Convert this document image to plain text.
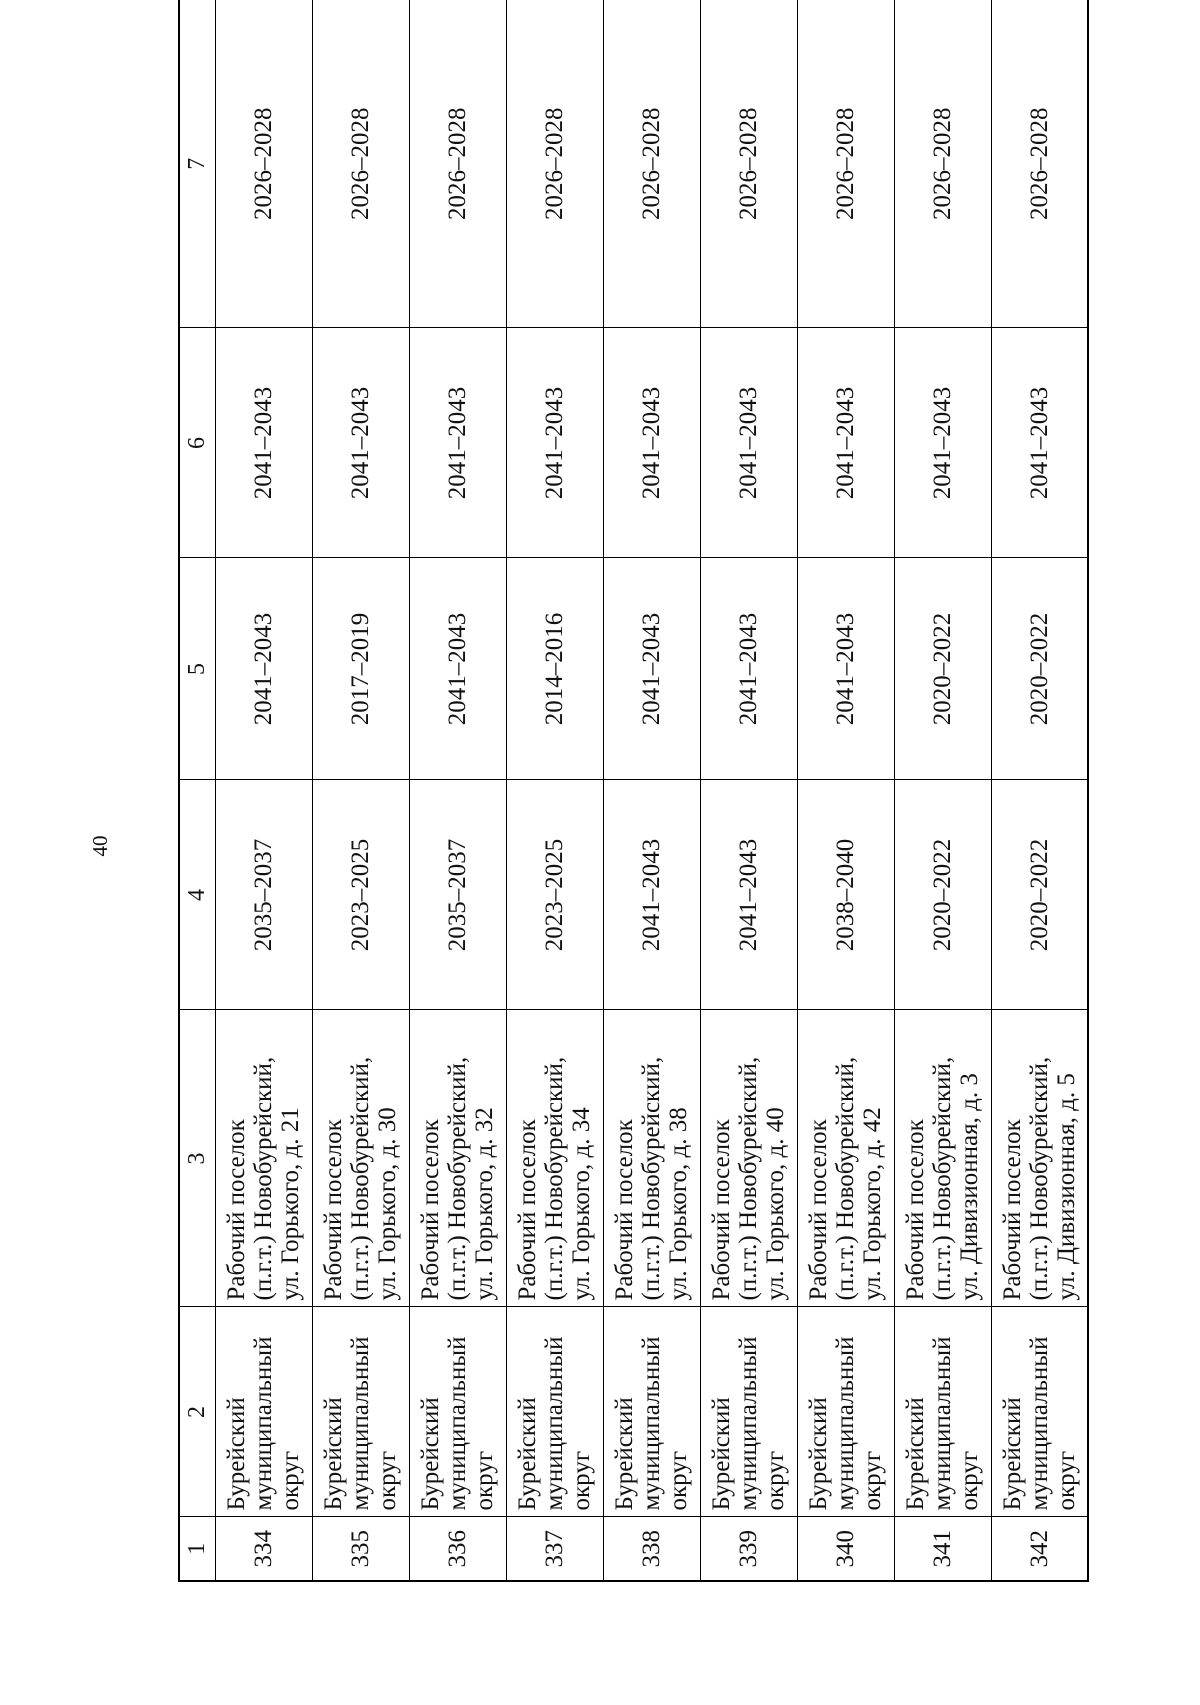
40
1	2	3	4	5	6	7
334	Бурейский муниципальный округ	Рабочий поселок (п.г.т.) Новобурейский, ул. Горького, д. 21	2035–2037	2041–2043	2041–2043	2026–2028
335	Бурейский муниципальный округ	Рабочий поселок (п.г.т.) Новобурейский, ул. Горького, д. 30	2023–2025	2017–2019	2041–2043	2026–2028
336	Бурейский муниципальный округ	Рабочий поселок (п.г.т.) Новобурейский, ул. Горького, д. 32	2035–2037	2041–2043	2041–2043	2026–2028
337	Бурейский муниципальный округ	Рабочий поселок (п.г.т.) Новобурейский, ул. Горького, д. 34	2023–2025	2014–2016	2041–2043	2026–2028
338	Бурейский муниципальный округ	Рабочий поселок (п.г.т.) Новобурейский, ул. Горького, д. 38	2041–2043	2041–2043	2041–2043	2026–2028
339	Бурейский муниципальный округ	Рабочий поселок (п.г.т.) Новобурейский, ул. Горького, д. 40	2041–2043	2041–2043	2041–2043	2026–2028
340	Бурейский муниципальный округ	Рабочий поселок (п.г.т.) Новобурейский, ул. Горького, д. 42	2038–2040	2041–2043	2041–2043	2026–2028
341	Бурейский муниципальный округ	Рабочий поселок (п.г.т.) Новобурейский, ул. Дивизионная, д. 3	2020–2022	2020–2022	2041–2043	2026–2028
342	Бурейский муниципальный округ	Рабочий поселок (п.г.т.) Новобурейский, ул. Дивизионная, д. 5	2020–2022	2020–2022	2041–2043	2026–2028
